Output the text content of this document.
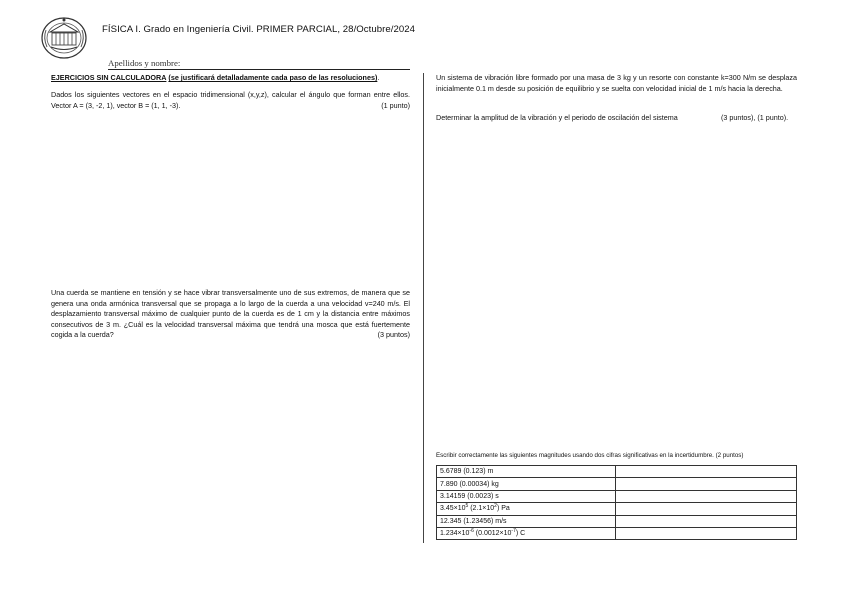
FÍSICA I. Grado en Ingeniería Civil. PRIMER PARCIAL, 28/Octubre/2024
Apellidos y nombre:
EJERCICIOS SIN CALCULADORA (se justificará detalladamente cada paso de las resoluciones).
Dados los siguientes vectores en el espacio tridimensional (x,y,z), calcular el ángulo que forman entre ellos. Vector A = (3, -2, 1), vector B = (1, 1, -3).	(1 punto)
Una cuerda se mantiene en tensión y se hace vibrar transversalmente uno de sus extremos, de manera que se genera una onda armónica transversal que se propaga a lo largo de la cuerda a una velocidad v=240 m/s. El desplazamiento transversal máximo de cualquier punto de la cuerda es de 1 cm y la distancia entre máximos consecutivos de 3 m. ¿Cuál es la velocidad transversal máxima que tendrá una mosca que está fuertemente cogida a la cuerda?	(3 puntos)
Un sistema de vibración libre formado por una masa de 3 kg y un resorte con constante k=300 N/m se desplaza inicialmente 0.1 m desde su posición de equilibrio y se suelta con velocidad inicial de 1 m/s hacia la derecha.
Determinar la amplitud de la vibración y el periodo de oscilación del sistema	(3 puntos), (1 punto).
Escribir correctamente las siguientes magnitudes usando dos cifras significativas en la incertidumbre. (2 puntos)
5.6789 (0.123) m	
7.890 (0.00034) kg	
3.14159 (0.0023) s	
$3.45\times 10^5$ $(2.1\times 10^2)$ Pa	
12.345 (1.23456) m/s	
$1.234\times 10^{-6}$ $(0.0012\times 10^{-7})$ C	
